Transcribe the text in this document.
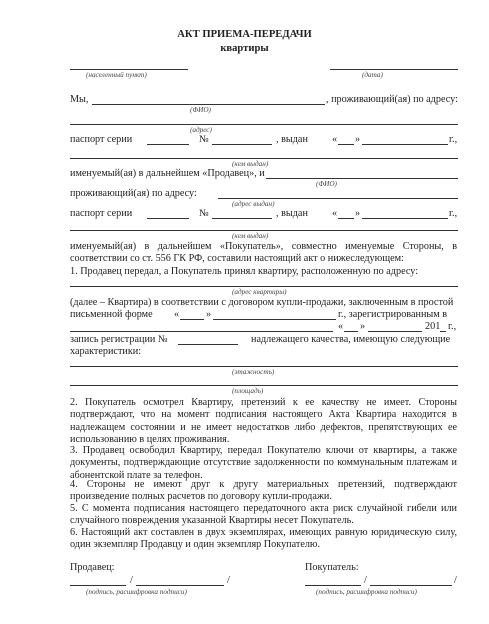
АКТ ПРИЕМА-ПЕРЕДАЧИ
квартиры
(населенный пункт)	(дата)
Мы,	, проживающий(ая) по адресу:
(ФИО)
(адрес)
паспорт серии	№	, выдан « »	г.,
(кем выдан)
именуемый(ая) в дальнейшем «Продавец», и
(ФИО)
проживающий(ая) по адресу:
(адрес выдан)
паспорт серии	№	, выдан « »	г.,
(кем выдан)
именуемый(ая) в дальнейшем «Покупатель», совместно именуемые Стороны, в соответствии со ст. 556 ГК РФ, составили настоящий акт о нижеследующем:
1. Продавец передал, а Покупатель принял квартиру, расположенную по адресу:
(адрес квартиры)
(далее – Квартира) в соответствии с договором купли-продажи, заключенным в простой
письменной форме «	»	г., зарегистрированным в
« »	201 г.,
запись регистрации №	надлежащего качества, имеющую следующие
характеристики:
(этажность)
(площадь)
2. Покупатель осмотрел Квартиру, претензий к ее качеству не имеет. Стороны подтверждают, что на момент подписания настоящего Акта Квартира находится в надлежащем состоянии и не имеет недостатков либо дефектов, препятствующих ее использованию в целях проживания.
3. Продавец освободил Квартиру, передал Покупателю ключи от квартиры, а также документы, подтверждающие отсутствие задолженности по коммунальным платежам и абонентской плате за телефон.
4. Стороны не имеют друг к другу материальных претензий, подтверждают произведение полных расчетов по договору купли-продажи.
5. С момента подписания настоящего передаточного акта риск случайной гибели или случайного повреждения указанной Квартиры несет Покупатель.
6. Настоящий акт составлен в двух экземплярах, имеющих равную юридическую силу, один экземпляр Продавцу и один экземпляр Покупателю.
Продавец:	Покупатель:
/	/
(подпись, расшифровка подписи)
/	/
(подпись, расшифровка подписи)
